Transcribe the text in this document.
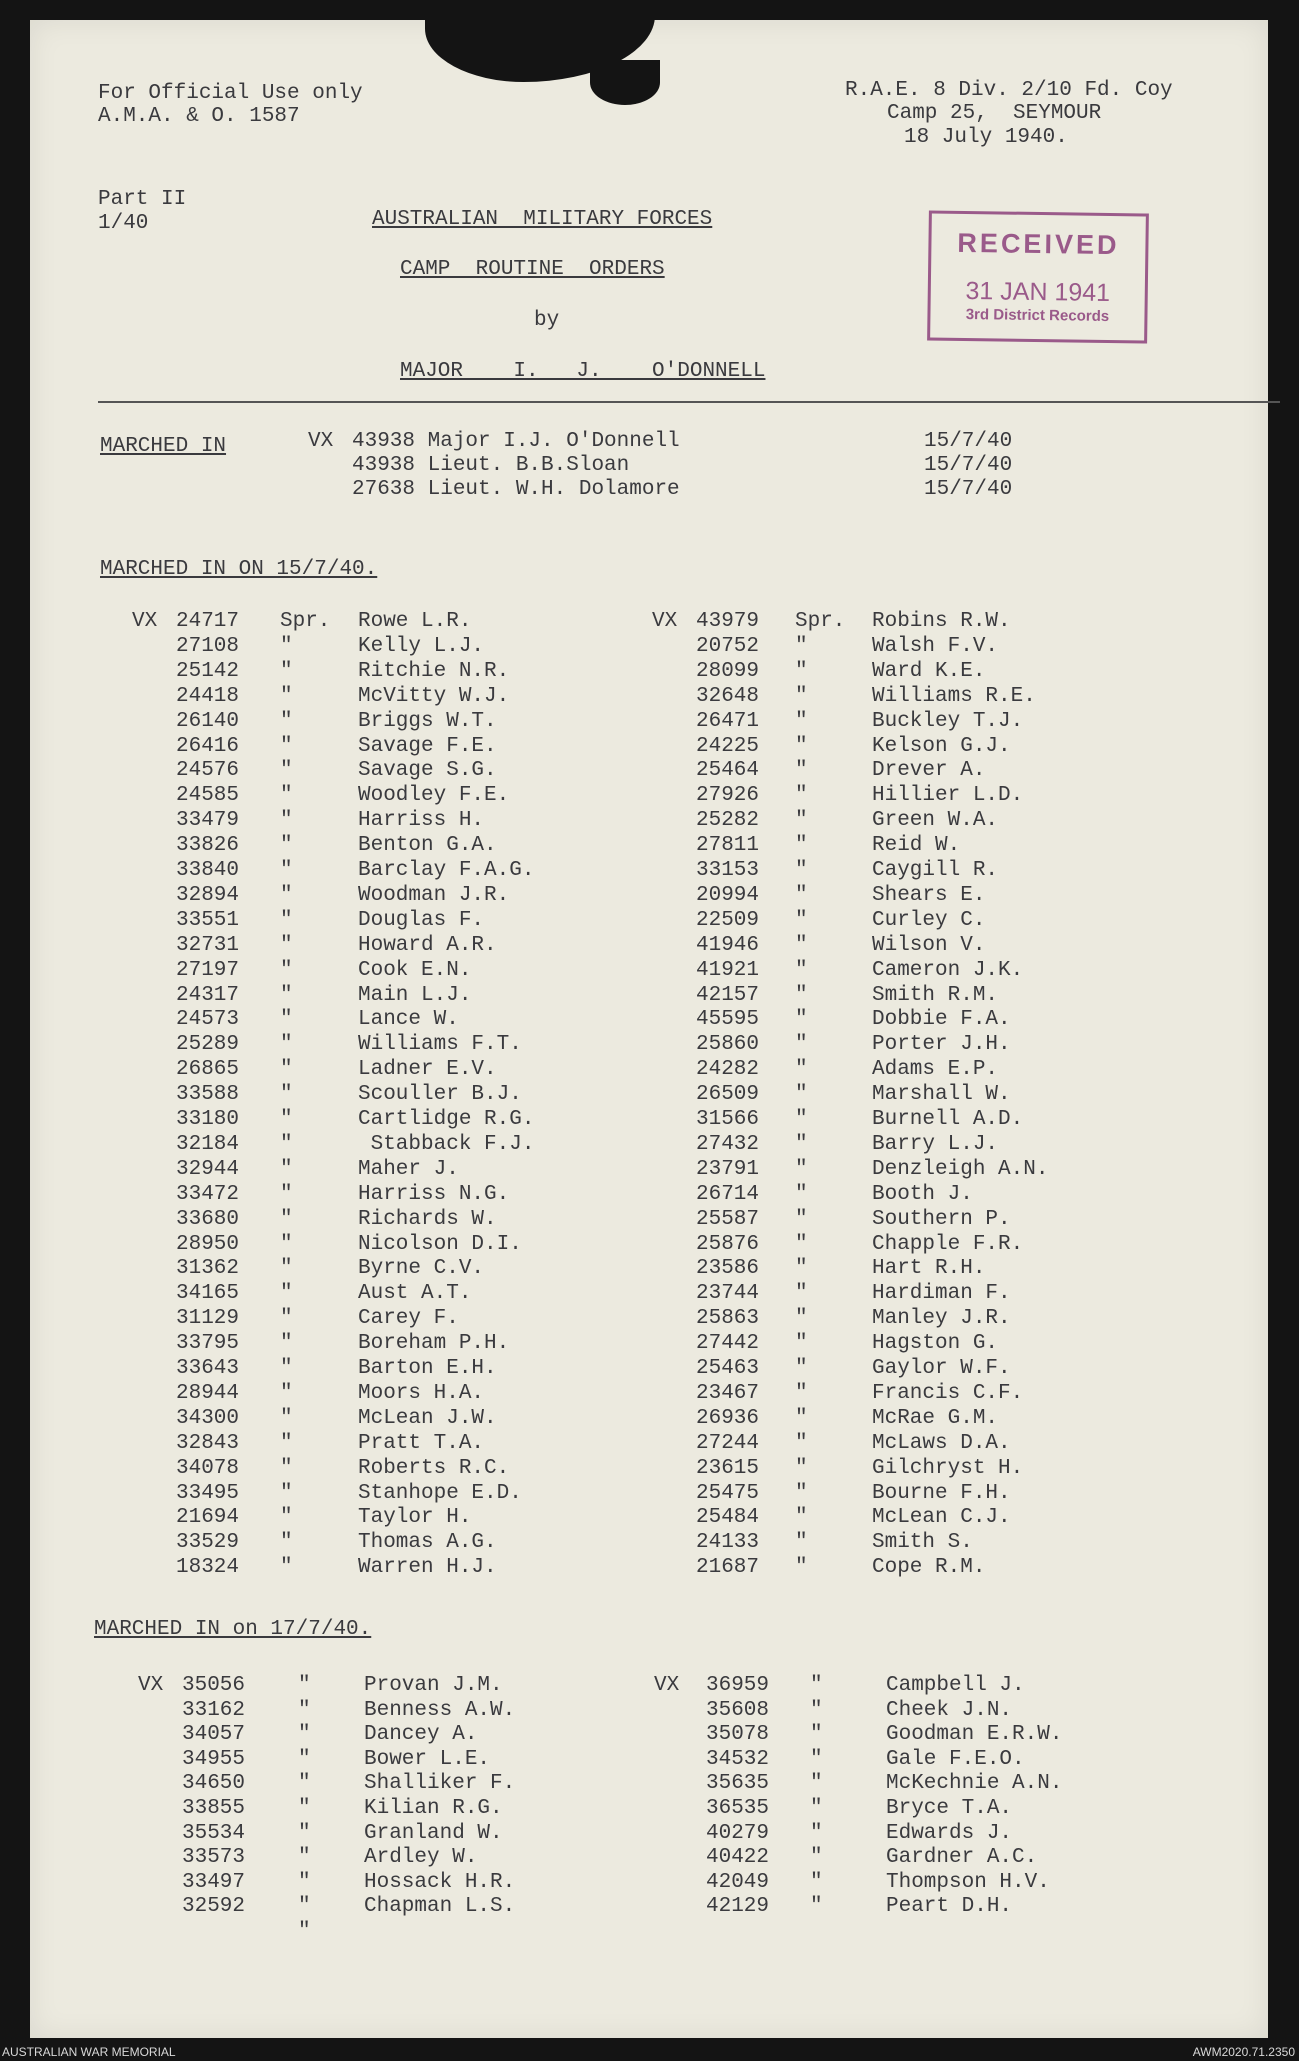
For Official Use only
A.M.A. & O. 1587
R.A.E. 8 Div. 2/10 Fd. Coy
Camp 25,  SEYMOUR
18 July 1940.
Part II
1/40	AUSTRALIAN  MILITARY FORCES
CAMP  ROUTINE  ORDERS
by
MAJOR    I.   J.    O'DONNELL
RECEIVED
31 JAN 1941
3rd District Records
MARCHED IN	VX 43938 Major I.J. O'Donnell	15/7/40
43938 Lieut. B.B.Sloan	15/7/40
27638 Lieut. W.H. Dolamore	15/7/40
MARCHED IN ON 15/7/40.
VX 24717 Spr. Rowe L.R.	VX 43979 Spr. Robins R.W.
27108 "	Kelly L.J.	20752 "	Walsh F.V.
25142 "	Ritchie N.R.	28099 "	Ward K.E.
24418 "	McVitty W.J.	32648 "	Williams R.E.
26140 "	Briggs W.T.	26471 "	Buckley T.J.
26416 "	Savage F.E.	24225 "	Kelson G.J.
24576 "	Savage S.G.	25464 "	Drever A.
24585 "	Woodley F.E.	27926 "	Hillier L.D.
33479 "	Harriss H.	25282 "	Green W.A.
33826 "	Benton G.A.	27811 "	Reid W.
33840 "	Barclay F.A.G.	33153 "	Caygill R.
32894 "	Woodman J.R.	20994 "	Shears E.
33551 "	Douglas F.	22509 "	Curley C.
32731 "	Howard A.R.	41946 "	Wilson V.
27197 "	Cook E.N.	41921 "	Cameron J.K.
24317 "	Main L.J.	42157 "	Smith R.M.
24573 "	Lance W.	45595 "	Dobbie F.A.
25289 "	Williams F.T.	25860 "	Porter J.H.
26865 "	Ladner E.V.	24282 "	Adams E.P.
33588 "	Scouller B.J.	26509 "	Marshall W.
33180 "	Cartlidge R.G.	31566 "	Burnell A.D.
32184 "	Stabback F.J.	27432 "	Barry L.J.
32944 "	Maher J.	23791 "	Denzleigh A.N.
33472 "	Harriss N.G.	26714 "	Booth J.
33680 "	Richards W.	25587 "	Southern P.
28950 "	Nicolson D.I.	25876 "	Chapple F.R.
31362 "	Byrne C.V.	23586 "	Hart R.H.
34165 "	Aust A.T.	23744 "	Hardiman F.
31129 "	Carey F.	25863 "	Manley J.R.
33795 "	Boreham P.H.	27442 "	Hagston G.
33643 "	Barton E.H.	25463 "	Gaylor W.F.
28944 "	Moors H.A.	23467 "	Francis C.F.
34300 "	McLean J.W.	26936 "	McRae G.M.
32843 "	Pratt T.A.	27244 "	McLaws D.A.
34078 "	Roberts R.C.	23615 "	Gilchryst H.
33495 "	Stanhope E.D.	25475 "	Bourne F.H.
21694 "	Taylor H.	25484 "	McLean C.J.
33529 "	Thomas A.G.	24133 "	Smith S.
18324 "	Warren H.J.	21687 "	Cope R.M.
MARCHED IN on 17/7/40.
VX 35056	"	Provan J.M.	VX 36959 "	Campbell J.
33162	"	Benness A.W.	35608 "	Cheek J.N.
34057	"	Dancey A.	35078 "	Goodman E.R.W.
34955	"	Bower L.E.	34532 "	Gale F.E.O.
34650	"	Shalliker F.	35635 "	McKechnie A.N.
33855	"	Kilian R.G.	36535 "	Bryce T.A.
35534	"	Granland W.	40279 "	Edwards J.
33573	"	Ardley W.	40422 "	Gardner A.C.
33497	"	Hossack H.R.	42049 "	Thompson H.V.
32592	"	Chapman L.S.	42129 "	Peart D.H.
"
AUSTRALIAN WAR MEMORIAL	AWM2020.71.2350
